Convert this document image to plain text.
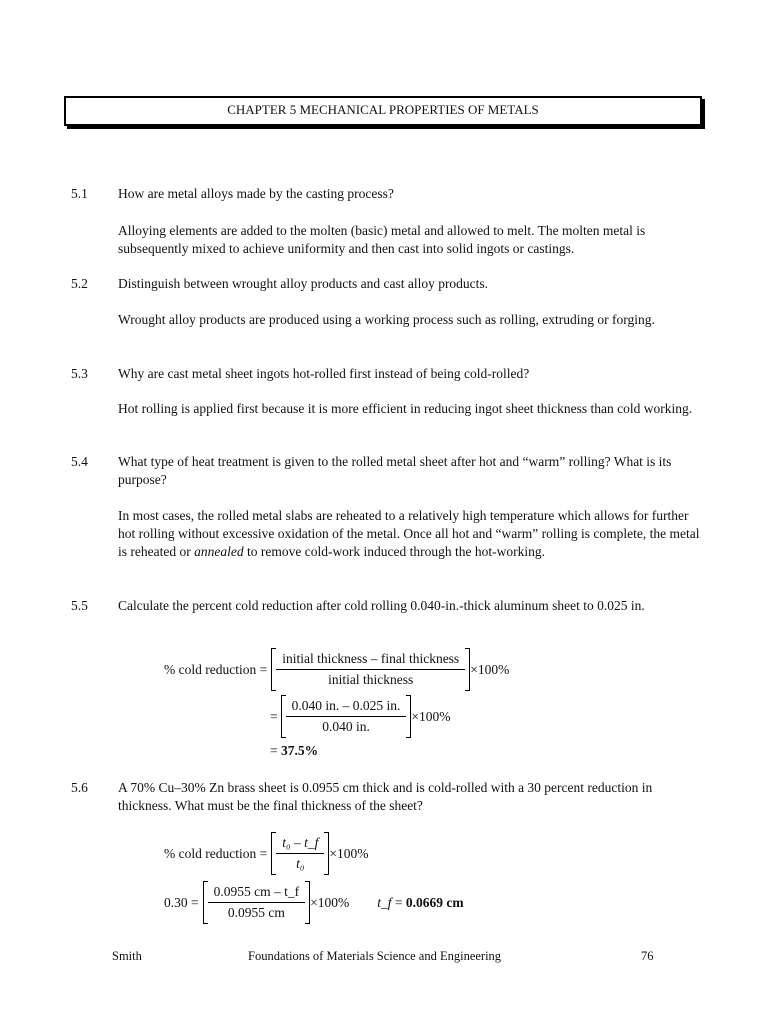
CHAPTER 5 MECHANICAL PROPERTIES OF METALS
5.1 How are metal alloys made by the casting process?
Alloying elements are added to the molten (basic) metal and allowed to melt. The molten metal is subsequently mixed to achieve uniformity and then cast into solid ingots or castings.
5.2 Distinguish between wrought alloy products and cast alloy products.
Wrought alloy products are produced using a working process such as rolling, extruding or forging.
5.3 Why are cast metal sheet ingots hot-rolled first instead of being cold-rolled?
Hot rolling is applied first because it is more efficient in reducing ingot sheet thickness than cold working.
5.4 What type of heat treatment is given to the rolled metal sheet after hot and “warm” rolling? What is its purpose?
In most cases, the rolled metal slabs are reheated to a relatively high temperature which allows for further hot rolling without excessive oxidation of the metal. Once all hot and “warm” rolling is complete, the metal is reheated or annealed to remove cold-work induced through the hot-working.
5.5 Calculate the percent cold reduction after cold rolling 0.040-in.-thick aluminum sheet to 0.025 in.
% cold reduction = $\frac{\text{initial thickness – final thickness}}{\text{initial thickness}} \times 100\%$
= $\frac{0.040 in. - 0.025 in.}{0.040 in.} \times 100\%$
= 37.5%
5.6 A 70% Cu–30% Zn brass sheet is 0.0955 cm thick and is cold-rolled with a 30 percent reduction in thickness. What must be the final thickness of the sheet?
% cold reduction = $\frac{\text{t₀ – t\_f}}{\text{t₀}} \times 100\%$
$0.30 = \frac{0.0955 cm - t\_f}{0.0955 cm} \times 100\%$ t_f = 0.0669 cm
Smith	Foundations of Materials Science and Engineering	76
